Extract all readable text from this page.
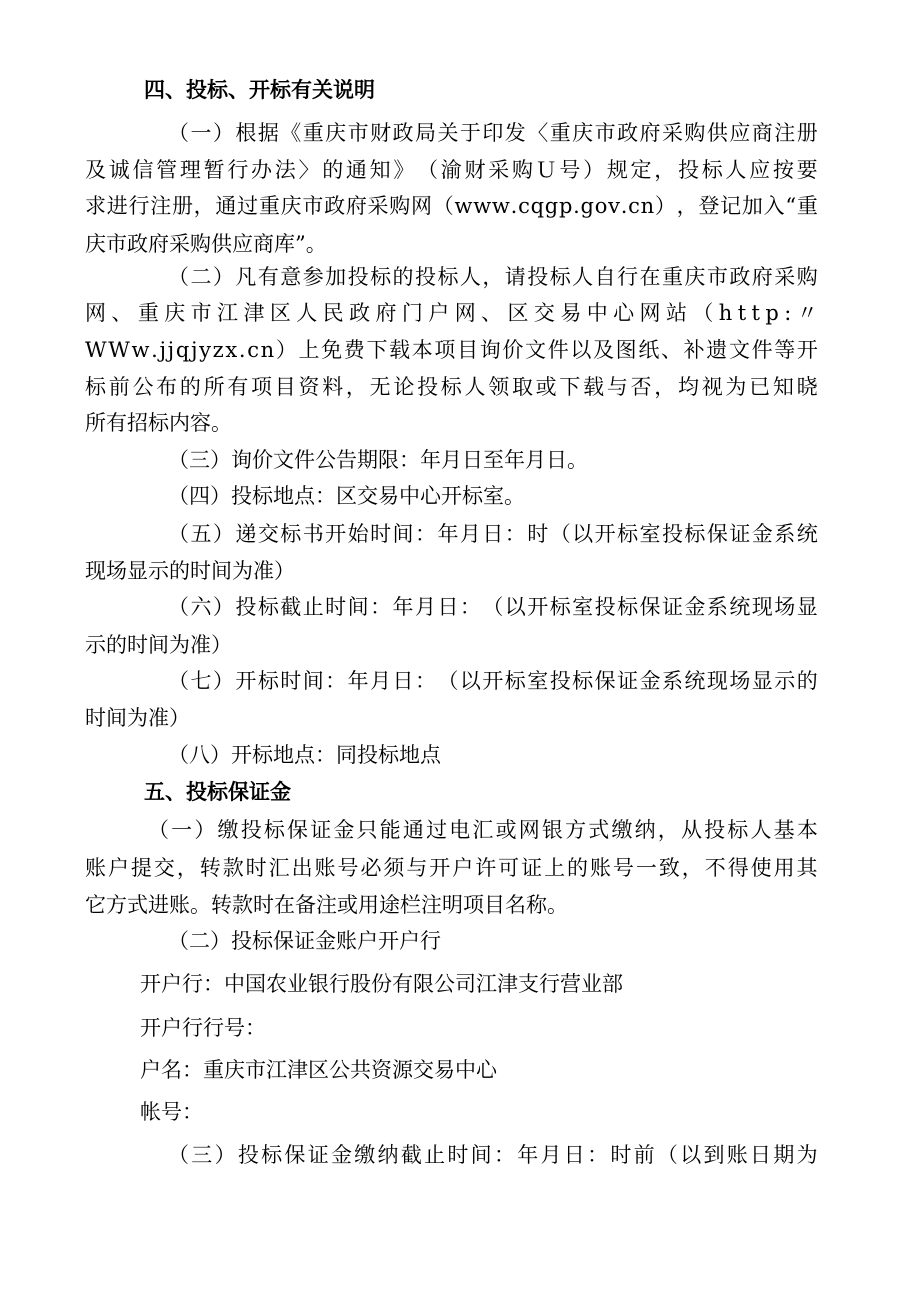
四、投标、开标有关说明
（ 一 ） 根 据 《 重 庆 市 财 政 局 关 于 印 发 〈 重 庆 市 政 府 采 购 供 应 商 注 册
及 诚 信 管 理 暂 行 办 法 〉 的 通 知 》 （ 渝 财 采 购 Ｕ 号 ） 规 定 ， 投 标 人 应 按 要
求 进 行 注 册 ， 通 过 重 庆 市 政 府 采 购 网 （ w w w . c q g p . g o v . c n ） ， 登 记 加 入 “ 重
庆市政府采购供应商库”。
（ 二 ） 凡 有 意 参 加 投 标 的 投 标 人 ， 请 投 标 人 自 行 在 重 庆 市 政 府 采 购
网 、 重 庆 市 江 津 区 人 民 政 府 门 户 网 、 区 交 易 中 心 网 站 （ h t t p : 〃
W W w . j j q j y z x . c n ） 上 免 费 下 载 本 项 目 询 价 文 件 以 及 图 纸 、 补 遗 文 件 等 开
标 前 公 布 的 所 有 项 目 资 料 ， 无 论 投 标 人 领 取 或 下 载 与 否 ， 均 视 为 已 知 晓
所有招标内容。
（三）询价文件公告期限：年月日至年月日。
（四）投标地点：区交易中心开标室。
（ 五 ） 递 交 标 书 开 始 时 间 ： 年 月 日 ： 时 （ 以 开 标 室 投 标 保 证 金 系 统
现场显示的时间为准）
（ 六 ） 投 标 截 止 时 间 ： 年 月 日 ： （ 以 开 标 室 投 标 保 证 金 系 统 现 场 显
示的时间为准）
（ 七 ） 开 标 时 间 ： 年 月 日 ： （ 以 开 标 室 投 标 保 证 金 系 统 现 场 显 示 的
时间为准）
（八）开标地点：同投标地点
五、投标保证金
（ 一 ） 缴 投 标 保 证 金 只 能 通 过 电 汇 或 网 银 方 式 缴 纳 ， 从 投 标 人 基 本
账 户 提 交 ， 转 款 时 汇 出 账 号 必 须 与 开 户 许 可 证 上 的 账 号 一 致 ， 不 得 使 用 其
它方式进账。转款时在备注或用途栏注明项目名称。
（二）投标保证金账户开户行
开户行：中国农业银行股份有限公司江津支行营业部
开户行行号：
户名：重庆市江津区公共资源交易中心
帐号：
（ 三 ） 投 标 保 证 金 缴 纳 截 止 时 间 ： 年 月 日 ： 时 前 （ 以 到 账 日 期 为
